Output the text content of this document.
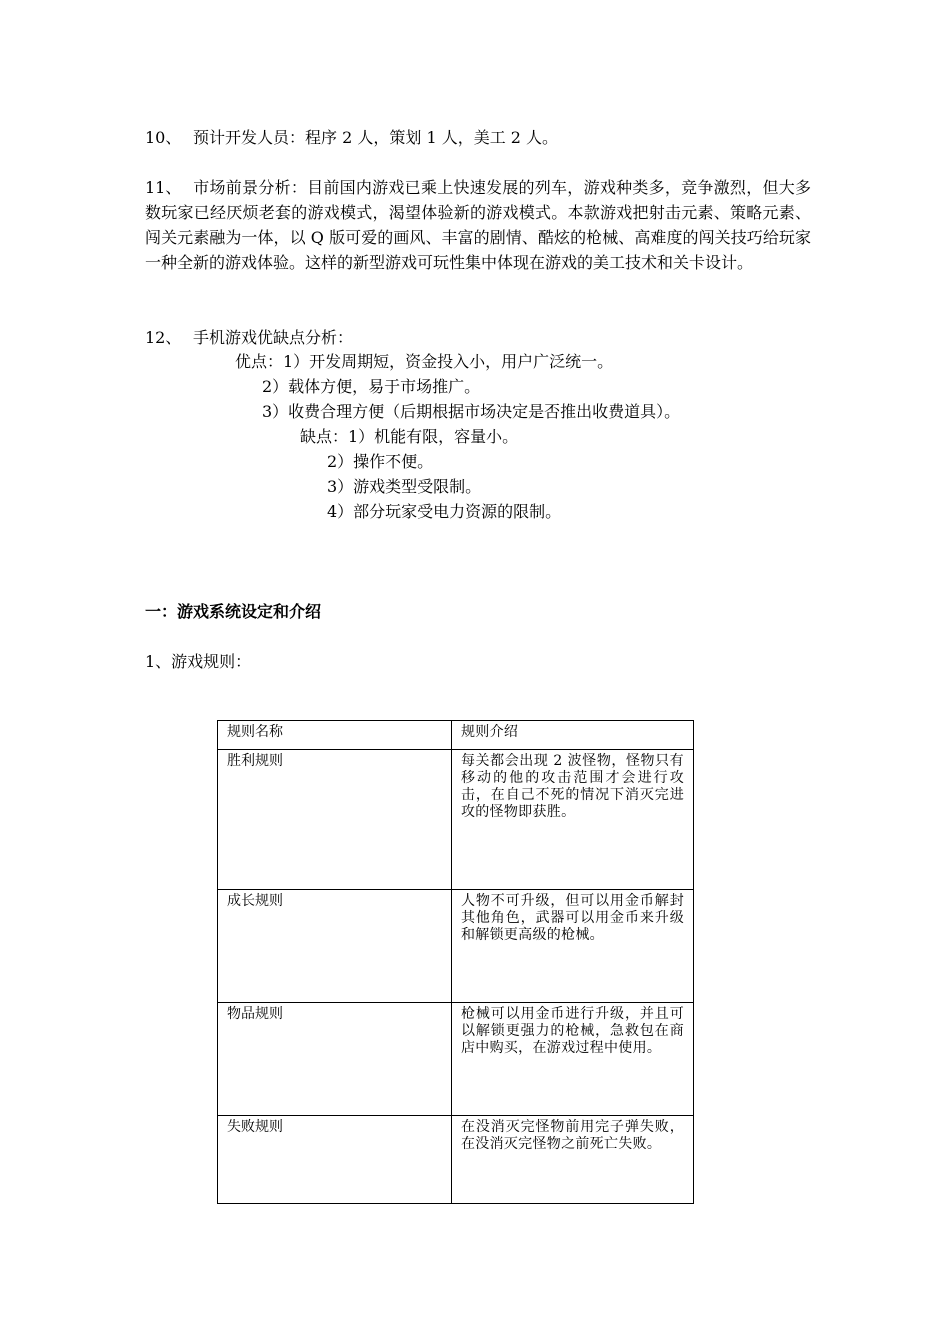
10、 预计开发人员：程序 2 人，策划 1 人，美工 2 人。
11、 市场前景分析：目前国内游戏已乘上快速发展的列车，游戏种类多，竞争激烈，但大多数玩家已经厌烦老套的游戏模式，渴望体验新的游戏模式。本款游戏把射击元素、策略元素、闯关元素融为一体，以 Q 版可爱的画风、丰富的剧情、酷炫的枪械、高难度的闯关技巧给玩家一种全新的游戏体验。这样的新型游戏可玩性集中体现在游戏的美工技术和关卡设计。
12、 手机游戏优缺点分析：
优点：1）开发周期短，资金投入小，用户广泛统一。
2）载体方便，易于市场推广。
3）收费合理方便（后期根据市场决定是否推出收费道具）。
缺点：1）机能有限，容量小。
2）操作不便。
3）游戏类型受限制。
4）部分玩家受电力资源的限制。
一：游戏系统设定和介绍
1、游戏规则：
规则名称	规则介绍
胜利规则	每关都会出现 2 波怪物，怪物只有移动的他的攻击范围才会进行攻击，在自己不死的情况下消灭完进攻的怪物即获胜。
成长规则	人物不可升级，但可以用金币解封其他角色，武器可以用金币来升级和解锁更高级的枪械。
物品规则	枪械可以用金币进行升级，并且可以解锁更强力的枪械，急救包在商店中购买，在游戏过程中使用。
失败规则	在没消灭完怪物前用完子弹失败，在没消灭完怪物之前死亡失败。
